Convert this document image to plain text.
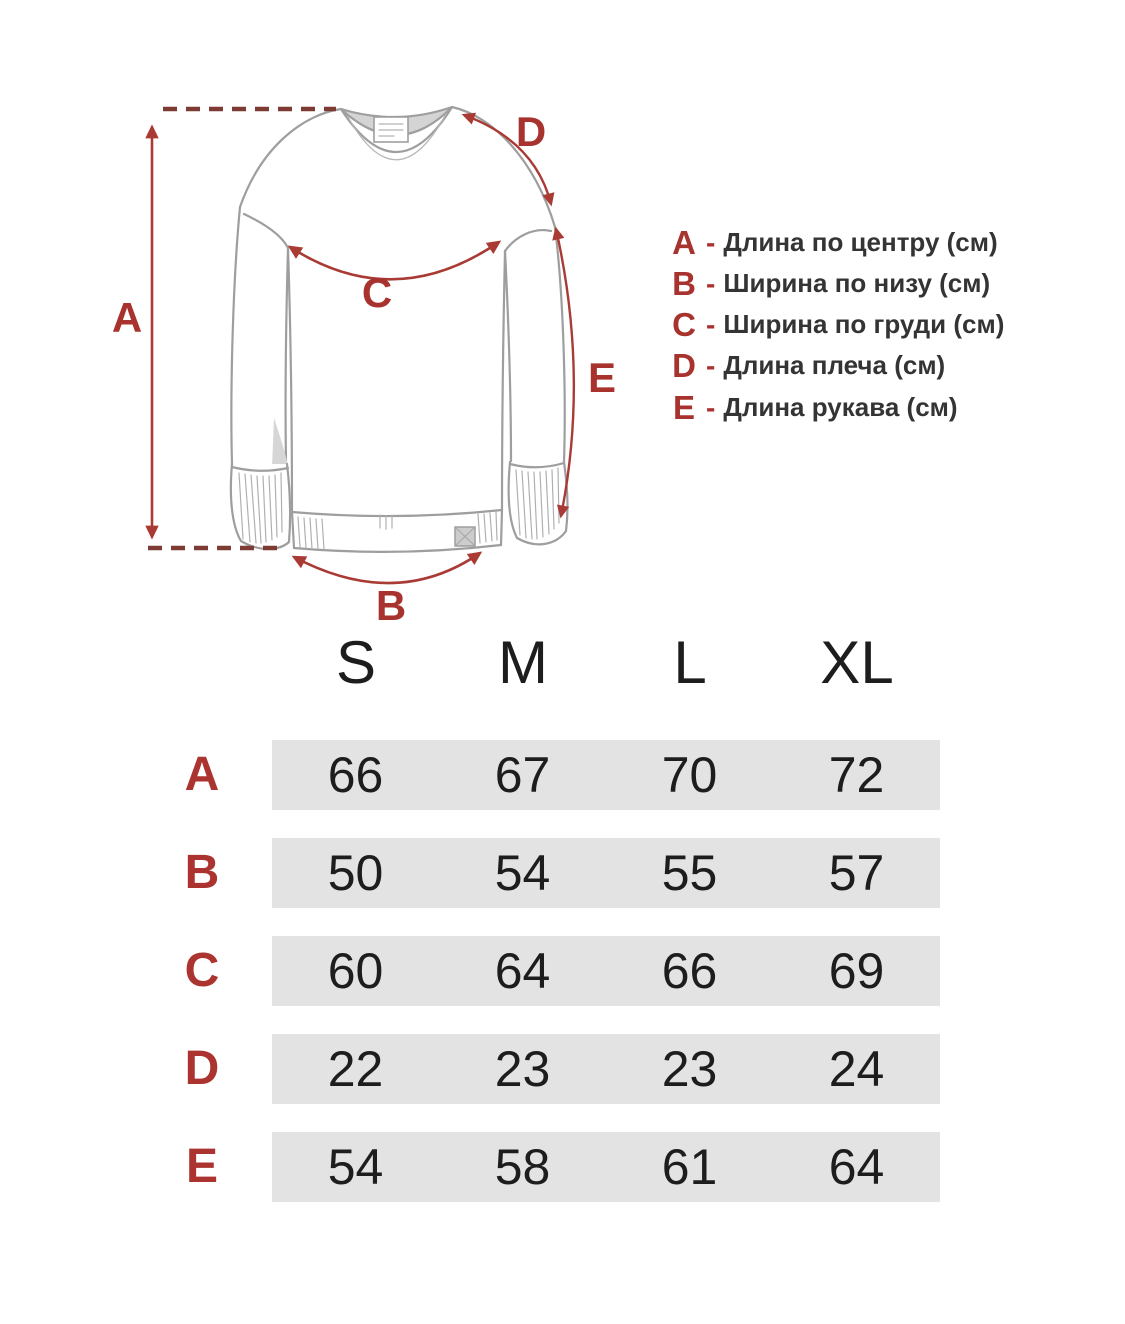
A
C
D
E
B
A - Длина по центру (см)
B - Ширина по низу (см)
C - Ширина по груди (см)
D - Длина плеча (см)
E - Длина рукава (см)
S	M	L	XL
A	66	67	70	72
B	50	54	55	57
C	60	64	66	69
D	22	23	23	24
E	54	58	61	64
